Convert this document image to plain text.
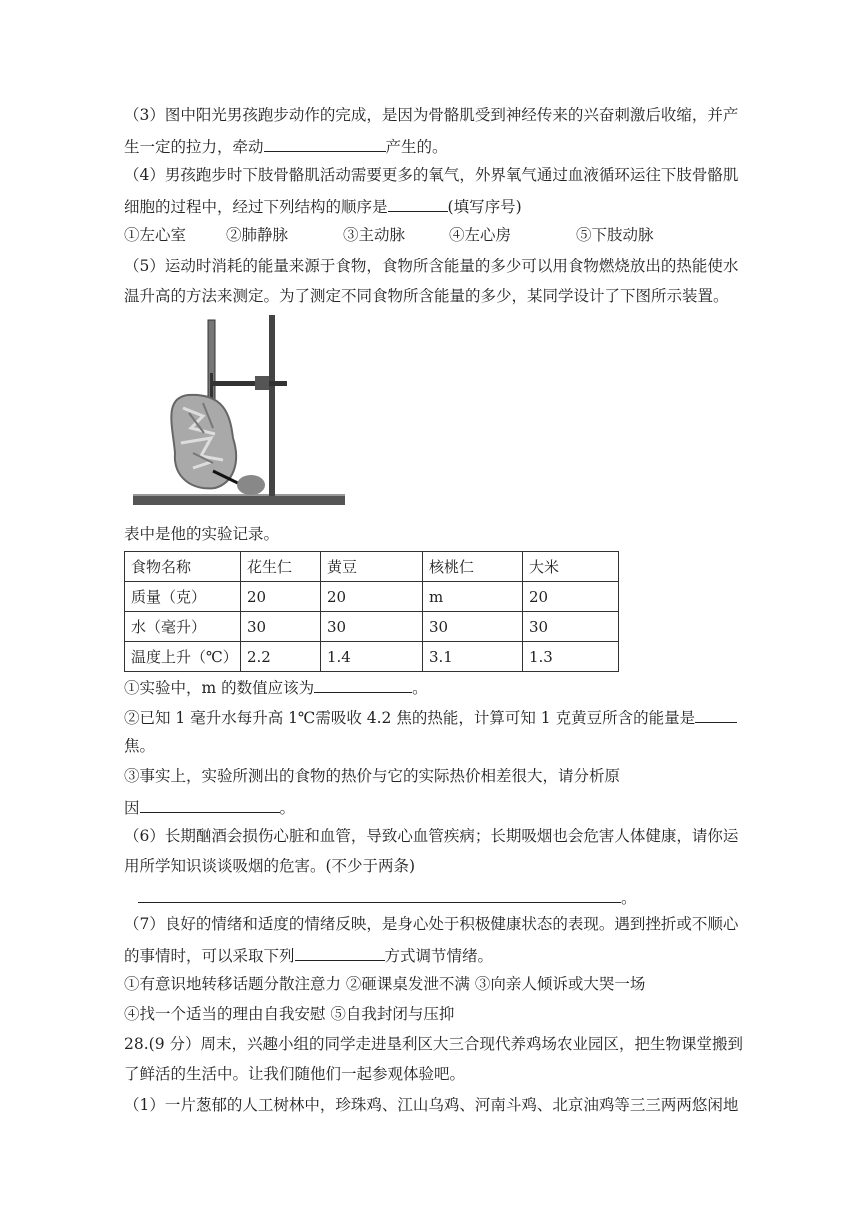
（3）图中阳光男孩跑步动作的完成，是因为骨骼肌受到神经传来的兴奋刺激后收缩，并产
生一定的拉力，牵动	产生的。
（4）男孩跑步时下肢骨骼肌活动需要更多的氧气，外界氧气通过血液循环运往下肢骨骼肌
细胞的过程中，经过下列结构的顺序是	(填写序号)
①左心室	②肺静脉	③主动脉	④左心房	⑤下肢动脉
（5）运动时消耗的能量来源于食物，食物所含能量的多少可以用食物燃烧放出的热能使水
温升高的方法来测定。为了测定不同食物所含能量的多少，某同学设计了下图所示装置。
表中是他的实验记录。
食物名称	花生仁	黄豆	核桃仁	大米
质量（克）	20	20	m	20
水（毫升）	30	30	30	30
温度上升（℃）	2.2	1.4	3.1	1.3
①实验中，m 的数值应该为	。
②已知 1 毫升水每升高 1℃需吸收 4.2 焦的热能，计算可知 1 克黄豆所含的能量是
焦。
③事实上，实验所测出的食物的热价与它的实际热价相差很大，请分析原
因	。
（6）长期酗酒会损伤心脏和血管，导致心血管疾病；长期吸烟也会危害人体健康，请你运
用所学知识谈谈吸烟的危害。(不少于两条)
。
（7）良好的情绪和适度的情绪反映，是身心处于积极健康状态的表现。遇到挫折或不顺心
的事情时，可以采取下列	方式调节情绪。
①有意识地转移话题分散注意力 ②砸课桌发泄不满 ③向亲人倾诉或大哭一场
④找一个适当的理由自我安慰 ⑤自我封闭与压抑
28.(9 分）周末，兴趣小组的同学走进垦利区大三合现代养鸡场农业园区，把生物课堂搬到
了鲜活的生活中。让我们随他们一起参观体验吧。
（1）一片葱郁的人工树林中，珍珠鸡、江山乌鸡、河南斗鸡、北京油鸡等三三两两悠闲地
